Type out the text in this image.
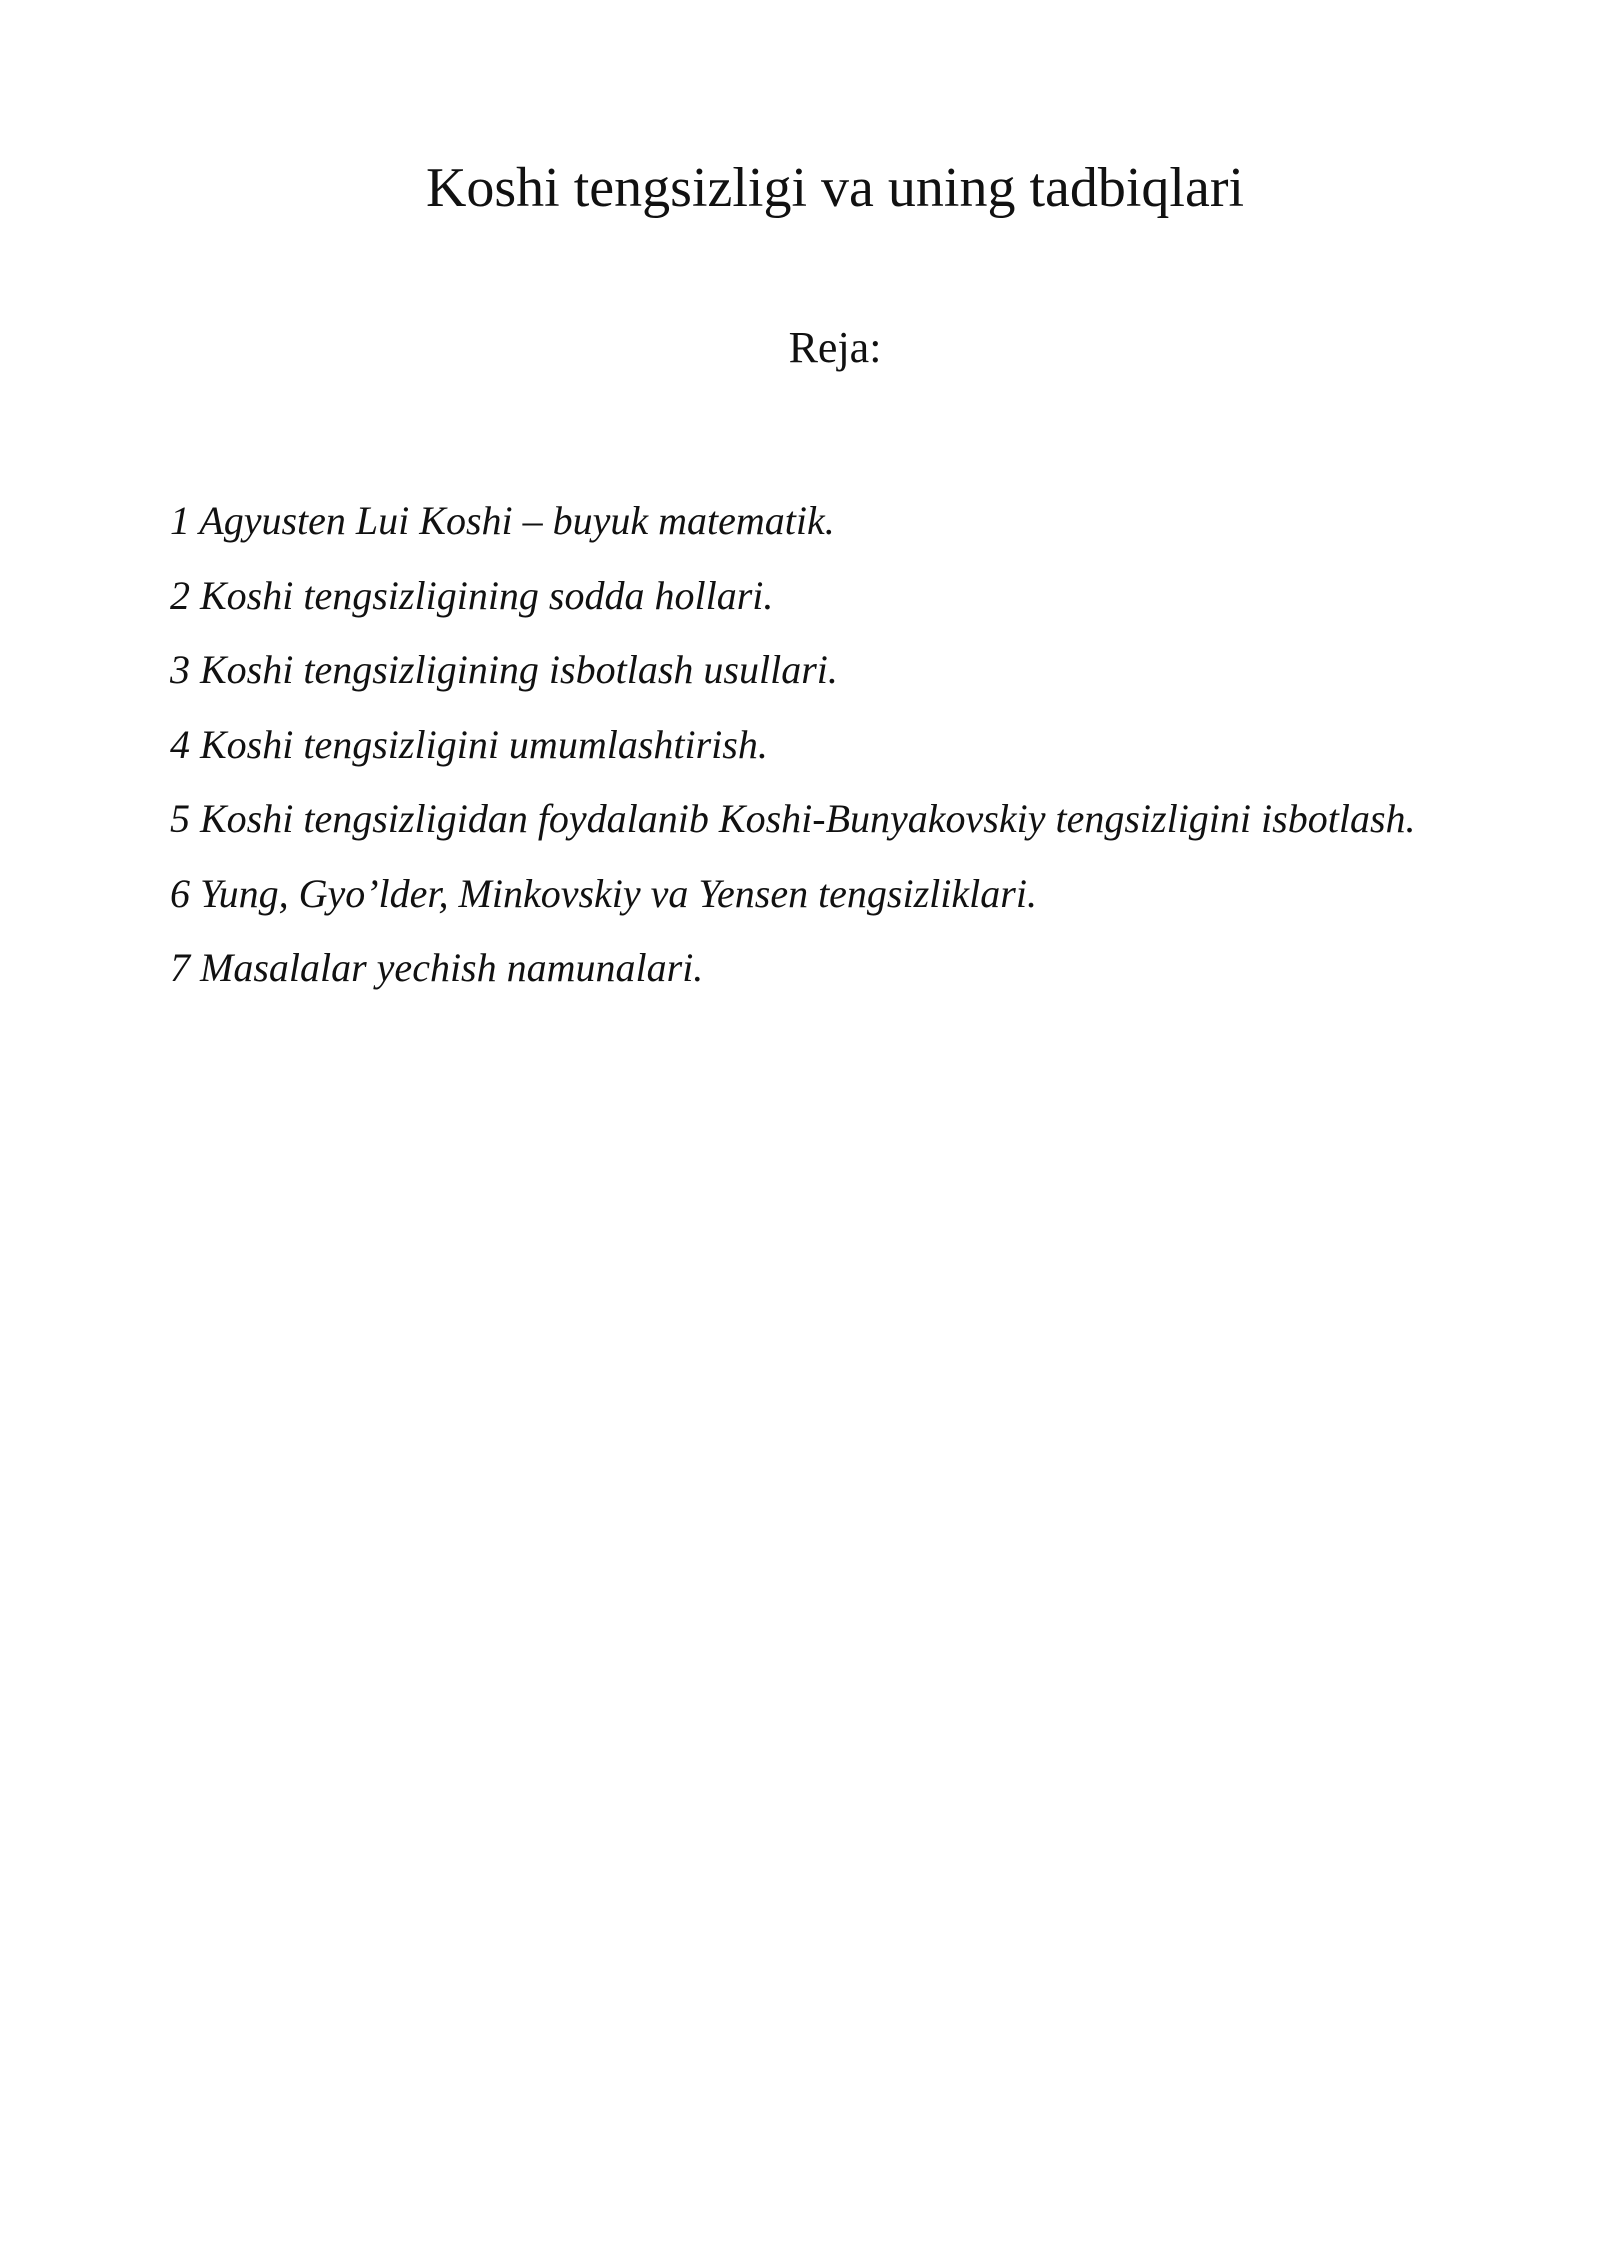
Koshi tengsizligi va uning tadbiqlari
Reja:
1 Agyusten Lui Koshi – buyuk matematik.
2 Koshi tengsizligining sodda hollari.
3 Koshi tengsizligining isbotlash usullari.
4 Koshi tengsizligini umumlashtirish.
5 Koshi tengsizligidan foydalanib Koshi-Bunyakovskiy tengsizligini isbotlash.
6 Yung, Gyo’lder, Minkovskiy va Yensen tengsizliklari.
7 Masalalar yechish namunalari.
